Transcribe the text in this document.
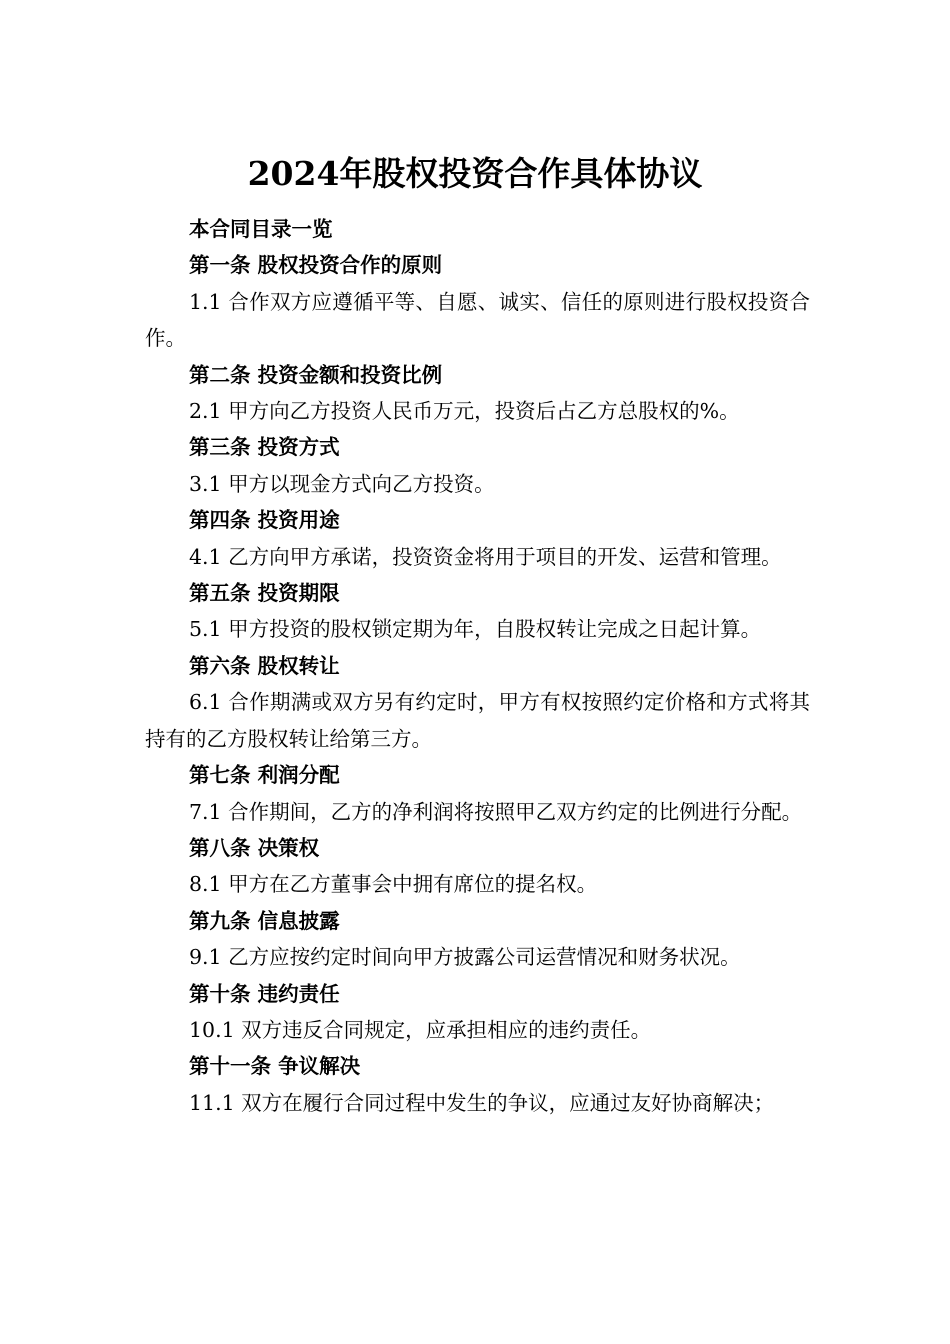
2024年股权投资合作具体协议

本合同目录一览

第一条 股权投资合作的原则

1.1 合作双方应遵循平等、自愿、诚实、信任的原则进行股权投资合作。

第二条 投资金额和投资比例

2.1 甲方向乙方投资人民币万元，投资后占乙方总股权的%。

第三条 投资方式

3.1 甲方以现金方式向乙方投资。

第四条 投资用途

4.1 乙方向甲方承诺，投资资金将用于项目的开发、运营和管理。

第五条 投资期限

5.1 甲方投资的股权锁定期为年，自股权转让完成之日起计算。

第六条 股权转让

6.1 合作期满或双方另有约定时，甲方有权按照约定价格和方式将其持有的乙方股权转让给第三方。

第七条 利润分配

7.1 合作期间，乙方的净利润将按照甲乙双方约定的比例进行分配。

第八条 决策权

8.1 甲方在乙方董事会中拥有席位的提名权。

第九条 信息披露

9.1 乙方应按约定时间向甲方披露公司运营情况和财务状况。

第十条 违约责任

10.1 双方违反合同规定，应承担相应的违约责任。

第十一条 争议解决

11.1 双方在履行合同过程中发生的争议，应通过友好协商解决；
